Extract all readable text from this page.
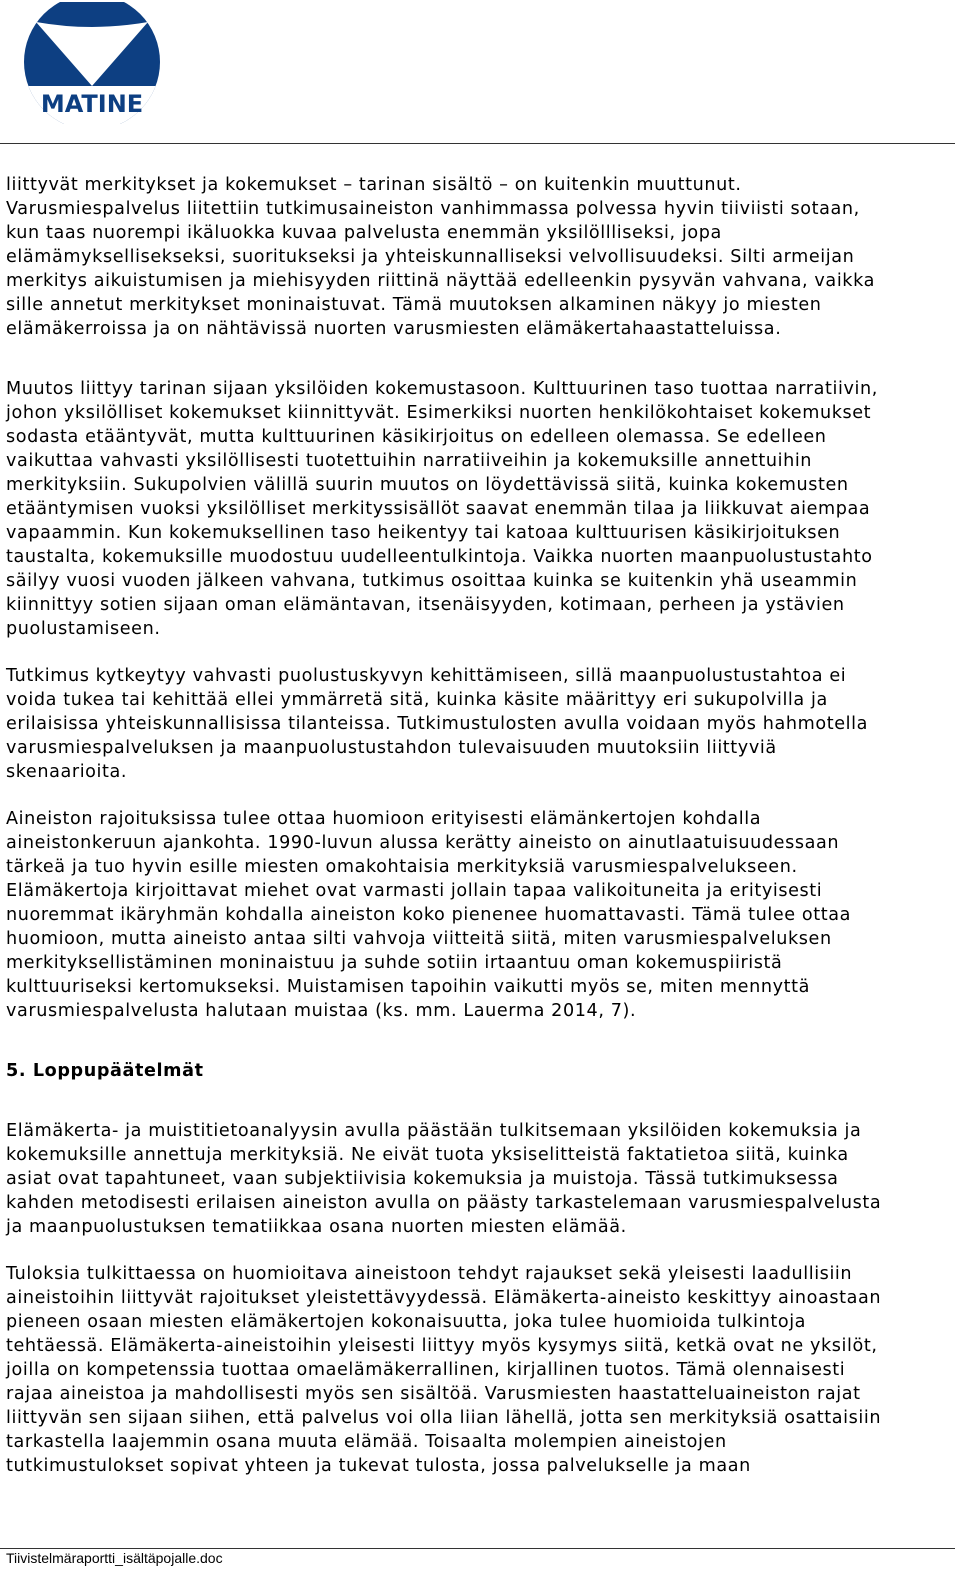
MATINE

liittyvät merkitykset ja kokemukset – tarinan sisältö – on kuitenkin muuttunut.

Varusmiespalvelus liitettiin tutkimusaineiston vanhimmassa polvessa hyvin tiiviisti sotaan,

kun taas nuorempi ikäluokka kuvaa palvelusta enemmän yksilöllliseksi, jopa

elämämyksellisekseksi, suoritukseksi ja yhteiskunnalliseksi velvollisuudeksi. Silti armeijan

merkitys aikuistumisen ja miehisyyden riittinä näyttää edelleenkin pysyvän vahvana, vaikka

sille annetut merkitykset moninaistuvat. Tämä muutoksen alkaminen näkyy jo miesten

elämäkerroissa ja on nähtävissä nuorten varusmiesten elämäkertahaastatteluissa.

Muutos liittyy tarinan sijaan yksilöiden kokemustasoon. Kulttuurinen taso tuottaa narratiivin,

johon yksilölliset kokemukset kiinnittyvät. Esimerkiksi nuorten henkilökohtaiset kokemukset

sodasta etääntyvät, mutta kulttuurinen käsikirjoitus on edelleen olemassa. Se edelleen

vaikuttaa vahvasti yksilöllisesti tuotettuihin narratiiveihin ja kokemuksille annettuihin

merkityksiin. Sukupolvien välillä suurin muutos on löydettävissä siitä, kuinka kokemusten

etääntymisen vuoksi yksilölliset merkityssisällöt saavat enemmän tilaa ja liikkuvat aiempaa

vapaammin. Kun kokemuksellinen taso heikentyy tai katoaa kulttuurisen käsikirjoituksen

taustalta, kokemuksille muodostuu uudelleentulkintoja. Vaikka nuorten maanpuolustustahto

säilyy vuosi vuoden jälkeen vahvana, tutkimus osoittaa kuinka se kuitenkin yhä useammin

kiinnittyy sotien sijaan oman elämäntavan, itsenäisyyden, kotimaan, perheen ja ystävien

puolustamiseen.

Tutkimus kytkeytyy vahvasti puolustuskyvyn kehittämiseen, sillä maanpuolustustahtoa ei

voida tukea tai kehittää ellei ymmärretä sitä, kuinka käsite määrittyy eri sukupolvilla ja

erilaisissa yhteiskunnallisissa tilanteissa. Tutkimustulosten avulla voidaan myös hahmotella

varusmiespalveluksen ja maanpuolustustahdon tulevaisuuden muutoksiin liittyviä

skenaarioita.

Aineiston rajoituksissa tulee ottaa huomioon erityisesti elämänkertojen kohdalla

aineistonkeruun ajankohta. 1990-luvun alussa kerätty aineisto on ainutlaatuisuudessaan

tärkeä ja tuo hyvin esille miesten omakohtaisia merkityksiä varusmiespalvelukseen.

Elämäkertoja kirjoittavat miehet ovat varmasti jollain tapaa valikoituneita ja erityisesti

nuoremmat ikäryhmän kohdalla aineiston koko pienenee huomattavasti. Tämä tulee ottaa

huomioon, mutta aineisto antaa silti vahvoja viitteitä siitä, miten varusmiespalveluksen

merkityksellistäminen moninaistuu ja suhde sotiin irtaantuu oman kokemuspiiristä

kulttuuriseksi kertomukseksi. Muistamisen tapoihin vaikutti myös se, miten mennyttä

varusmiespalvelusta halutaan muistaa (ks. mm. Lauerma 2014, 7).

5. Loppupäätelmät

Elämäkerta- ja muistitietoanalyysin avulla päästään tulkitsemaan yksilöiden kokemuksia ja

kokemuksille annettuja merkityksiä. Ne eivät tuota yksiselitteistä faktatietoa siitä, kuinka

asiat ovat tapahtuneet, vaan subjektiivisia kokemuksia ja muistoja. Tässä tutkimuksessa

kahden metodisesti erilaisen aineiston avulla on päästy tarkastelemaan varusmiespalvelusta

ja maanpuolustuksen tematiikkaa osana nuorten miesten elämää.

Tuloksia tulkittaessa on huomioitava aineistoon tehdyt rajaukset sekä yleisesti laadullisiin

aineistoihin liittyvät rajoitukset yleistettävyydessä. Elämäkerta-aineisto keskittyy ainoastaan

pieneen osaan miesten elämäkertojen kokonaisuutta, joka tulee huomioida tulkintoja

tehtäessä. Elämäkerta-aineistoihin yleisesti liittyy myös kysymys siitä, ketkä ovat ne yksilöt,

joilla on kompetenssia tuottaa omaelämäkerrallinen, kirjallinen tuotos. Tämä olennaisesti

rajaa aineistoa ja mahdollisesti myös sen sisältöä. Varusmiesten haastatteluaineiston rajat

liittyvän sen sijaan siihen, että palvelus voi olla liian lähellä, jotta sen merkityksiä osattaisiin

tarkastella laajemmin osana muuta elämää. Toisaalta molempien aineistojen

tutkimustulokset sopivat yhteen ja tukevat tulosta, jossa palvelukselle ja maan

Tiivistelmäraportti_isältäpojalle.doc
